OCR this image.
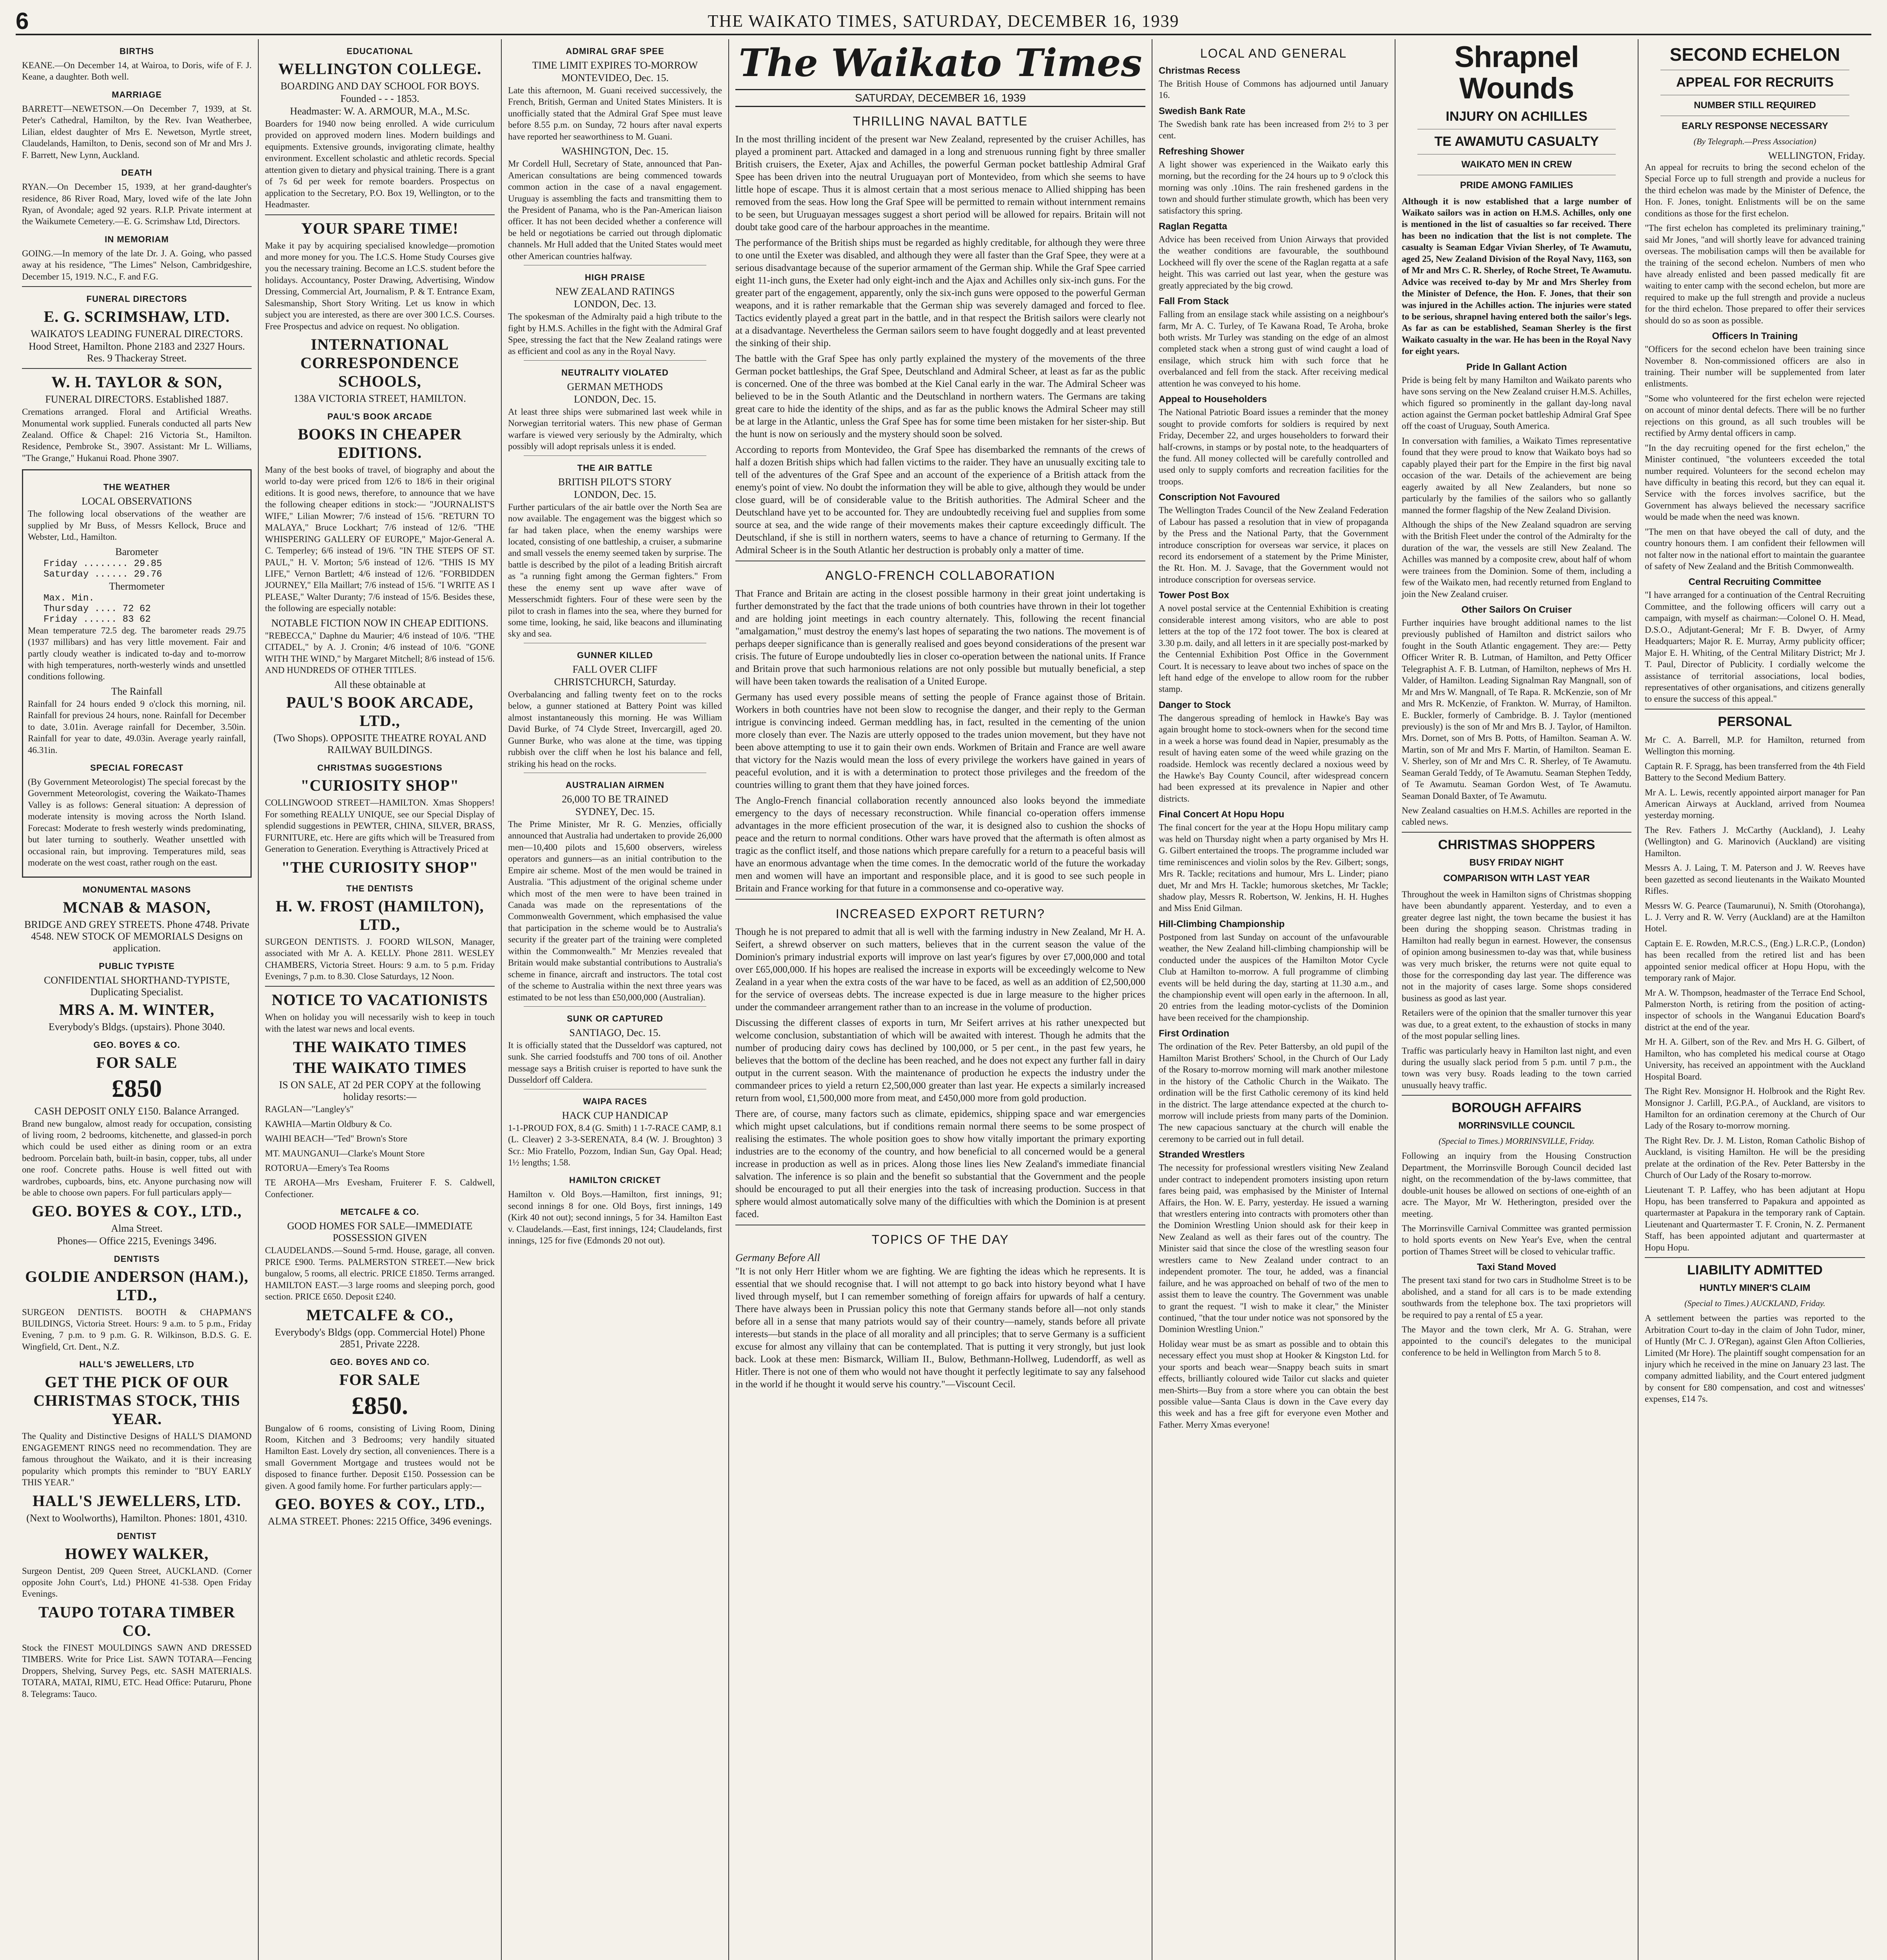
6	THE WAIKATO TIMES, SATURDAY, DECEMBER 16, 1939
BIRTHS

KEANE.—On December 14, at Wairoa, to Doris, wife of F. J. Keane, a daughter. Both well.

MARRIAGE

BARRETT—NEWETSON.—On December 7, 1939, at St. Peter's Cathedral, Hamilton, by the Rev. Ivan Weatherbee, Lilian, eldest daughter of Mrs E. Newetson, Myrtle street, Claudelands, Hamilton, to Denis, second son of Mr and Mrs J. F. Barrett, New Lynn, Auckland.

DEATH

RYAN.—On December 15, 1939, at her grand-daughter's residence, 86 River Road, Mary, loved wife of the late John Ryan, of Avondale; aged 92 years. R.I.P. Private interment at the Waikumete Cemetery.—E. G. Scrimshaw Ltd, Directors.

IN MEMORIAM

GOING.—In memory of the late Dr. J. A. Going, who passed away at his residence, "The Limes" Nelson, Cambridgeshire, December 15, 1919. N.C., F. and F.G.

FUNERAL DIRECTORS
E. G. SCRIMSHAW, LTD.
WAIKATO'S LEADING FUNERAL DIRECTORS.
Hood Street, Hamilton. Phone 2183 and 2327 Hours. Res. 9 Thackeray Street.
W. H. TAYLOR & SON,
FUNERAL DIRECTORS. Established 1887.

Cremations arranged. Floral and Artificial Wreaths. Monumental work supplied. Funerals conducted all parts New Zealand. Office & Chapel: 216 Victoria St., Hamilton. Residence, Pembroke St., 3907. Assistant: Mr L. Williams, "The Grange," Hukanui Road. Phone 3907.

THE WEATHER
LOCAL OBSERVATIONS

The following local observations of the weather are supplied by Mr Buss, of Messrs Kellock, Bruce and Webster, Ltd., Hamilton.

Barometer
Friday ........ 29.85
Saturday ...... 29.76
Thermometer
Max. Min.
Thursday .... 72 62
Friday ...... 83 62

Mean temperature 72.5 deg. The barometer reads 29.75 (1937 millibars) and has very little movement. Fair and partly cloudy weather is indicated to-day and to-morrow with high temperatures, north-westerly winds and unsettled conditions following.

The Rainfall

Rainfall for 24 hours ended 9 o'clock this morning, nil. Rainfall for previous 24 hours, none. Rainfall for December to date, 3.01in. Average rainfall for December, 3.50in. Rainfall for year to date, 49.03in. Average yearly rainfall, 46.31in.

SPECIAL FORECAST

(By Government Meteorologist) The special forecast by the Government Meteorologist, covering the Waikato-Thames Valley is as follows: General situation: A depression of moderate intensity is moving across the North Island. Forecast: Moderate to fresh westerly winds predominating, but later turning to southerly. Weather unsettled with occasional rain, but improving. Temperatures mild, seas moderate on the west coast, rather rough on the east.

MONUMENTAL MASONS
MCNAB & MASON,
BRIDGE AND GREY STREETS. Phone 4748. Private 4548. NEW STOCK OF MEMORIALS Designs on application.
PUBLIC TYPISTE
CONFIDENTIAL SHORTHAND-TYPISTE, Duplicating Specialist.
MRS A. M. WINTER,
Everybody's Bldgs. (upstairs). Phone 3040.
GEO. BOYES & CO.
FOR SALE
£850
CASH DEPOSIT ONLY £150. Balance Arranged.

Brand new bungalow, almost ready for occupation, consisting of living room, 2 bedrooms, kitchenette, and glassed-in porch which could be used either as dining room or an extra bedroom. Porcelain bath, built-in basin, copper, tubs, all under one roof. Concrete paths. House is well fitted out with wardrobes, cupboards, bins, etc. Anyone purchasing now will be able to choose own papers. For full particulars apply—

GEO. BOYES & COY., LTD.,
Alma Street.
Phones— Office 2215, Evenings 3496.
DENTISTS
GOLDIE ANDERSON (HAM.), LTD.,

SURGEON DENTISTS. BOOTH & CHAPMAN'S BUILDINGS, Victoria Street. Hours: 9 a.m. to 5 p.m., Friday Evening, 7 p.m. to 9 p.m. G. R. Wilkinson, B.D.S. G. E. Wingfield, Crt. Dent., N.Z.

HALL'S JEWELLERS, LTD
GET THE PICK OF OUR CHRISTMAS STOCK, THIS YEAR.

The Quality and Distinctive Designs of HALL'S DIAMOND ENGAGEMENT RINGS need no recommendation. They are famous throughout the Waikato, and it is their increasing popularity which prompts this reminder to "BUY EARLY THIS YEAR."

HALL'S JEWELLERS, LTD.
(Next to Woolworths), Hamilton. Phones: 1801, 4310.
DENTIST
HOWEY WALKER,

Surgeon Dentist, 209 Queen Street, AUCKLAND. (Corner opposite John Court's, Ltd.) PHONE 41-538. Open Friday Evenings.

TAUPO TOTARA TIMBER CO.

Stock the FINEST MOULDINGS SAWN AND DRESSED TIMBERS. Write for Price List. SAWN TOTARA—Fencing Droppers, Shelving, Survey Pegs, etc. SASH MATERIALS. TOTARA, MATAI, RIMU, ETC. Head Office: Putaruru, Phone 8. Telegrams: Tauco.

EDUCATIONAL
WELLINGTON COLLEGE.
BOARDING AND DAY SCHOOL FOR BOYS.
Founded - - - 1853.
Headmaster: W. A. ARMOUR, M.A., M.Sc.

Boarders for 1940 now being enrolled. A wide curriculum provided on approved modern lines. Modern buildings and equipments. Extensive grounds, invigorating climate, healthy environment. Excellent scholastic and athletic records. Special attention given to dietary and physical training. There is a grant of 7s 6d per week for remote boarders. Prospectus on application to the Secretary, P.O. Box 19, Wellington, or to the Headmaster.

YOUR SPARE TIME!

Make it pay by acquiring specialised knowledge—promotion and more money for you. The I.C.S. Home Study Courses give you the necessary training. Become an I.C.S. student before the holidays. Accountancy, Poster Drawing, Advertising, Window Dressing, Commercial Art, Journalism, P. & T. Entrance Exam, Salesmanship, Short Story Writing. Let us know in which subject you are interested, as there are over 300 I.C.S. Courses. Free Prospectus and advice on request. No obligation.

INTERNATIONAL CORRESPONDENCE SCHOOLS,
138A VICTORIA STREET, HAMILTON.
PAUL'S BOOK ARCADE
BOOKS IN CHEAPER EDITIONS.

Many of the best books of travel, of biography and about the world to-day were priced from 12/6 to 18/6 in their original editions. It is good news, therefore, to announce that we have the following cheaper editions in stock:— "JOURNALIST'S WIFE," Lilian Mowrer; 7/6 instead of 15/6. "RETURN TO MALAYA," Bruce Lockhart; 7/6 instead of 12/6. "THE WHISPERING GALLERY OF EUROPE," Major-General A. C. Temperley; 6/6 instead of 19/6. "IN THE STEPS OF ST. PAUL," H. V. Morton; 5/6 instead of 12/6. "THIS IS MY LIFE," Vernon Bartlett; 4/6 instead of 12/6. "FORBIDDEN JOURNEY," Ella Maillart; 7/6 instead of 15/6. "I WRITE AS I PLEASE," Walter Duranty; 7/6 instead of 15/6. Besides these, the following are especially notable:

NOTABLE FICTION NOW IN CHEAP EDITIONS.

"REBECCA," Daphne du Maurier; 4/6 instead of 10/6. "THE CITADEL," by A. J. Cronin; 4/6 instead of 10/6. "GONE WITH THE WIND," by Margaret Mitchell; 8/6 instead of 15/6. AND HUNDREDS OF OTHER TITLES.

All these obtainable at
PAUL'S BOOK ARCADE, LTD.,
(Two Shops). OPPOSITE THEATRE ROYAL AND RAILWAY BUILDINGS.
CHRISTMAS SUGGESTIONS
"CURIOSITY SHOP"

COLLINGWOOD STREET—HAMILTON. Xmas Shoppers! For something REALLY UNIQUE, see our Special Display of splendid suggestions in PEWTER, CHINA, SILVER, BRASS, FURNITURE, etc. Here are gifts which will be Treasured from Generation to Generation. Everything is Attractively Priced at

"THE CURIOSITY SHOP"
THE DENTISTS
H. W. FROST (HAMILTON), LTD.,

SURGEON DENTISTS. J. FOORD WILSON, Manager, associated with Mr A. A. KELLY. Phone 2811. WESLEY CHAMBERS, Victoria Street. Hours: 9 a.m. to 5 p.m. Friday Evenings, 7 p.m. to 8.30. Close Saturdays, 12 Noon.

NOTICE TO VACATIONISTS

When on holiday you will necessarily wish to keep in touch with the latest war news and local events.

THE WAIKATO TIMES
THE WAIKATO TIMES
IS ON SALE, AT 2d PER COPY at the following holiday resorts:—

RAGLAN—"Langley's"

KAWHIA—Martin Oldbury & Co.

WAIHI BEACH—"Ted" Brown's Store

MT. MAUNGANUI—Clarke's Mount Store

ROTORUA—Emery's Tea Rooms

TE AROHA—Mrs Evesham, Fruiterer F. S. Caldwell, Confectioner.

METCALFE & CO.
GOOD HOMES FOR SALE—IMMEDIATE POSSESSION GIVEN

CLAUDELANDS.—Sound 5-rmd. House, garage, all conven. PRICE £900. Terms. PALMERSTON STREET.—New brick bungalow, 5 rooms, all electric. PRICE £1850. Terms arranged. HAMILTON EAST.—3 large rooms and sleeping porch, good section. PRICE £650. Deposit £240.

METCALFE & CO.,
Everybody's Bldgs (opp. Commercial Hotel) Phone 2851, Private 2228.
GEO. BOYES AND CO.
FOR SALE
£850.

Bungalow of 6 rooms, consisting of Living Room, Dining Room, Kitchen and 3 Bedrooms; very handily situated Hamilton East. Lovely dry section, all conveniences. There is a small Government Mortgage and trustees would not be disposed to finance further. Deposit £150. Possession can be given. A good family home. For further particulars apply:—

GEO. BOYES & COY., LTD.,
ALMA STREET. Phones: 2215 Office, 3496 evenings.
ADMIRAL GRAF SPEE
TIME LIMIT EXPIRES TO-MORROW
MONTEVIDEO, Dec. 15.

Late this afternoon, M. Guani received successively, the French, British, German and United States Ministers. It is unofficially stated that the Admiral Graf Spee must leave before 8.55 p.m. on Sunday, 72 hours after naval experts have reported her seaworthiness to M. Guani.

WASHINGTON, Dec. 15.

Mr Cordell Hull, Secretary of State, announced that Pan-American consultations are being commenced towards common action in the case of a naval engagement. Uruguay is assembling the facts and transmitting them to the President of Panama, who is the Pan-American liaison officer. It has not been decided whether a conference will be held or negotiations be carried out through diplomatic channels. Mr Hull added that the United States would meet other American countries halfway.

HIGH PRAISE
NEW ZEALAND RATINGS
LONDON, Dec. 13.

The spokesman of the Admiralty paid a high tribute to the fight by H.M.S. Achilles in the fight with the Admiral Graf Spee, stressing the fact that the New Zealand ratings were as efficient and cool as any in the Royal Navy.

NEUTRALITY VIOLATED
GERMAN METHODS
LONDON, Dec. 15.

At least three ships were submarined last week while in Norwegian territorial waters. This new phase of German warfare is viewed very seriously by the Admiralty, which possibly will adopt reprisals unless it is ended.

THE AIR BATTLE
BRITISH PILOT'S STORY
LONDON, Dec. 15.

Further particulars of the air battle over the North Sea are now available. The engagement was the biggest which so far had taken place, when the enemy warships were located, consisting of one battleship, a cruiser, a submarine and small vessels the enemy seemed taken by surprise. The battle is described by the pilot of a leading British aircraft as "a running fight among the German fighters." From these the enemy sent up wave after wave of Messerschmidt fighters. Four of these were seen by the pilot to crash in flames into the sea, where they burned for some time, looking, he said, like beacons and illuminating sky and sea.

GUNNER KILLED
FALL OVER CLIFF
CHRISTCHURCH, Saturday.

Overbalancing and falling twenty feet on to the rocks below, a gunner stationed at Battery Point was killed almost instantaneously this morning. He was William David Burke, of 74 Clyde Street, Invercargill, aged 20. Gunner Burke, who was alone at the time, was tipping rubbish over the cliff when he lost his balance and fell, striking his head on the rocks.

AUSTRALIAN AIRMEN
26,000 TO BE TRAINED
SYDNEY, Dec. 15.

The Prime Minister, Mr R. G. Menzies, officially announced that Australia had undertaken to provide 26,000 men—10,400 pilots and 15,600 observers, wireless operators and gunners—as an initial contribution to the Empire air scheme. Most of the men would be trained in Australia. "This adjustment of the original scheme under which most of the men were to have been trained in Canada was made on the representations of the Commonwealth Government, which emphasised the value that participation in the scheme would be to Australia's security if the greater part of the training were completed within the Commonwealth." Mr Menzies revealed that Britain would make substantial contributions to Australia's scheme in finance, aircraft and instructors. The total cost of the scheme to Australia within the next three years was estimated to be not less than £50,000,000 (Australian).

SUNK OR CAPTURED
SANTIAGO, Dec. 15.

It is officially stated that the Dusseldorf was captured, not sunk. She carried foodstuffs and 700 tons of oil. Another message says a British cruiser is reported to have sunk the Dusseldorf off Caldera.

WAIPA RACES
HACK CUP HANDICAP

1-1-PROUD FOX, 8.4 (G. Smith) 1 1-7-RACE CAMP, 8.1 (L. Cleaver) 2 3-3-SERENATA, 8.4 (W. J. Broughton) 3 Scr.: Mio Fratello, Pozzom, Indian Sun, Gay Opal. Head; 1½ lengths; 1.58.

HAMILTON CRICKET

Hamilton v. Old Boys.—Hamilton, first innings, 91; second innings 8 for one. Old Boys, first innings, 149 (Kirk 40 not out); second innings, 5 for 34. Hamilton East v. Claudelands.—East, first innings, 124; Claudelands, first innings, 125 for five (Edmonds 20 not out).

The Waikato Times
SATURDAY, DECEMBER 16, 1939
THRILLING NAVAL BATTLE

In the most thrilling incident of the present war New Zealand, represented by the cruiser Achilles, has played a prominent part. Attacked and damaged in a long and strenuous running fight by three smaller British cruisers, the Exeter, Ajax and Achilles, the powerful German pocket battleship Admiral Graf Spee has been driven into the neutral Uruguayan port of Montevideo, from which she seems to have little hope of escape. Thus it is almost certain that a most serious menace to Allied shipping has been removed from the seas. How long the Graf Spee will be permitted to remain without internment remains to be seen, but Uruguayan messages suggest a short period will be allowed for repairs. Britain will not doubt take good care of the harbour approaches in the meantime.

The performance of the British ships must be regarded as highly creditable, for although they were three to one until the Exeter was disabled, and although they were all faster than the Graf Spee, they were at a serious disadvantage because of the superior armament of the German ship. While the Graf Spee carried eight 11-inch guns, the Exeter had only eight-inch and the Ajax and Achilles only six-inch guns. For the greater part of the engagement, apparently, only the six-inch guns were opposed to the powerful German weapons, and it is rather remarkable that the German ship was severely damaged and forced to flee. Tactics evidently played a great part in the battle, and in that respect the British sailors were clearly not at a disadvantage. Nevertheless the German sailors seem to have fought doggedly and at least prevented the sinking of their ship.

The battle with the Graf Spee has only partly explained the mystery of the movements of the three German pocket battleships, the Graf Spee, Deutschland and Admiral Scheer, at least as far as the public is concerned. One of the three was bombed at the Kiel Canal early in the war. The Admiral Scheer was believed to be in the South Atlantic and the Deutschland in northern waters. The Germans are taking great care to hide the identity of the ships, and as far as the public knows the Admiral Scheer may still be at large in the Atlantic, unless the Graf Spee has for some time been mistaken for her sister-ship. But the hunt is now on seriously and the mystery should soon be solved.

According to reports from Montevideo, the Graf Spee has disembarked the remnants of the crews of half a dozen British ships which had fallen victims to the raider. They have an unusually exciting tale to tell of the adventures of the Graf Spee and an account of the experience of a British attack from the enemy's point of view. No doubt the information they will be able to give, although they would be under close guard, will be of considerable value to the British authorities. The Admiral Scheer and the Deutschland have yet to be accounted for. They are undoubtedly receiving fuel and supplies from some source at sea, and the wide range of their movements makes their capture exceedingly difficult. The Deutschland, if she is still in northern waters, seems to have a chance of returning to Germany. If the Admiral Scheer is in the South Atlantic her destruction is probably only a matter of time.

ANGLO-FRENCH COLLABORATION

That France and Britain are acting in the closest possible harmony in their great joint undertaking is further demonstrated by the fact that the trade unions of both countries have thrown in their lot together and are holding joint meetings in each country alternately. This, following the recent financial "amalgamation," must destroy the enemy's last hopes of separating the two nations. The movement is of perhaps deeper significance than is generally realised and goes beyond considerations of the present war crisis. The future of Europe undoubtedly lies in closer co-operation between the national units. If France and Britain prove that such harmonious relations are not only possible but mutually beneficial, a step will have been taken towards the realisation of a United Europe.

Germany has used every possible means of setting the people of France against those of Britain. Workers in both countries have not been slow to recognise the danger, and their reply to the German intrigue is convincing indeed. German meddling has, in fact, resulted in the cementing of the union more closely than ever. The Nazis are utterly opposed to the trades union movement, but they have not been above attempting to use it to gain their own ends. Workmen of Britain and France are well aware that victory for the Nazis would mean the loss of every privilege the workers have gained in years of peaceful evolution, and it is with a determination to protect those privileges and the freedom of the countries willing to grant them that they have joined forces.

The Anglo-French financial collaboration recently announced also looks beyond the immediate emergency to the days of necessary reconstruction. While financial co-operation offers immense advantages in the more efficient prosecution of the war, it is designed also to cushion the shocks of peace and the return to normal conditions. Other wars have proved that the aftermath is often almost as tragic as the conflict itself, and those nations which prepare carefully for a return to a peaceful basis will have an enormous advantage when the time comes. In the democratic world of the future the workaday men and women will have an important and responsible place, and it is good to see such people in Britain and France working for that future in a commonsense and co-operative way.

INCREASED EXPORT RETURN?

Though he is not prepared to admit that all is well with the farming industry in New Zealand, Mr H. A. Seifert, a shrewd observer on such matters, believes that in the current season the value of the Dominion's primary industrial exports will improve on last year's figures by over £7,000,000 and total over £65,000,000. If his hopes are realised the increase in exports will be exceedingly welcome to New Zealand in a year when the extra costs of the war have to be faced, as well as an addition of £2,500,000 for the service of overseas debts. The increase expected is due in large measure to the higher prices under the commandeer arrangement rather than to an increase in the volume of production.

Discussing the different classes of exports in turn, Mr Seifert arrives at his rather unexpected but welcome conclusion, substantiation of which will be awaited with interest. Though he admits that the number of producing dairy cows has declined by 100,000, or 5 per cent., in the past few years, he believes that the bottom of the decline has been reached, and he does not expect any further fall in dairy output in the current season. With the maintenance of production he expects the industry under the commandeer prices to yield a return £2,500,000 greater than last year. He expects a similarly increased return from wool, £1,500,000 more from meat, and £450,000 more from gold production.

There are, of course, many factors such as climate, epidemics, shipping space and war emergencies which might upset calculations, but if conditions remain normal there seems to be some prospect of realising the estimates. The whole position goes to show how vitally important the primary exporting industries are to the economy of the country, and how beneficial to all concerned would be a general increase in production as well as in prices. Along those lines lies New Zealand's immediate financial salvation. The inference is so plain and the benefit so substantial that the Government and the people should be encouraged to put all their energies into the task of increasing production. Success in that sphere would almost automatically solve many of the difficulties with which the Dominion is at present faced.

TOPICS OF THE DAY
Germany Before All

"It is not only Herr Hitler whom we are fighting. We are fighting the ideas which he represents. It is essential that we should recognise that. I will not attempt to go back into history beyond what I have lived through myself, but I can remember something of foreign affairs for upwards of half a century. There have always been in Prussian policy this note that Germany stands before all—not only stands before all in a sense that many patriots would say of their country—namely, stands before all private interests—but stands in the place of all morality and all principles; that to serve Germany is a sufficient excuse for almost any villainy that can be contemplated. That is putting it very strongly, but just look back. Look at these men: Bismarck, William II., Bulow, Bethmann-Hollweg, Ludendorff, as well as Hitler. There is not one of them who would not have thought it perfectly legitimate to say any falsehood in the world if he thought it would serve his country."—Viscount Cecil.

LOCAL AND GENERAL
Christmas Recess

The British House of Commons has adjourned until January 16.

Swedish Bank Rate

The Swedish bank rate has been increased from 2½ to 3 per cent.

Refreshing Shower

A light shower was experienced in the Waikato early this morning, but the recording for the 24 hours up to 9 o'clock this morning was only .10ins. The rain freshened gardens in the town and should further stimulate growth, which has been very satisfactory this spring.

Raglan Regatta

Advice has been received from Union Airways that provided the weather conditions are favourable, the southbound Lockheed will fly over the scene of the Raglan regatta at a safe height. This was carried out last year, when the gesture was greatly appreciated by the big crowd.

Fall From Stack

Falling from an ensilage stack while assisting on a neighbour's farm, Mr A. C. Turley, of Te Kawana Road, Te Aroha, broke both wrists. Mr Turley was standing on the edge of an almost completed stack when a strong gust of wind caught a load of ensilage, which struck him with such force that he overbalanced and fell from the stack. After receiving medical attention he was conveyed to his home.

Appeal to Householders

The National Patriotic Board issues a reminder that the money sought to provide comforts for soldiers is required by next Friday, December 22, and urges householders to forward their half-crowns, in stamps or by postal note, to the headquarters of the fund. All money collected will be carefully controlled and used only to supply comforts and recreation facilities for the troops.

Conscription Not Favoured

The Wellington Trades Council of the New Zealand Federation of Labour has passed a resolution that in view of propaganda by the Press and the National Party, that the Government introduce conscription for overseas war service, it places on record its endorsement of a statement by the Prime Minister, the Rt. Hon. M. J. Savage, that the Government would not introduce conscription for overseas service.

Tower Post Box

A novel postal service at the Centennial Exhibition is creating considerable interest among visitors, who are able to post letters at the top of the 172 foot tower. The box is cleared at 3.30 p.m. daily, and all letters in it are specially post-marked by the Centennial Exhibition Post Office in the Government Court. It is necessary to leave about two inches of space on the left hand edge of the envelope to allow room for the rubber stamp.

Danger to Stock

The dangerous spreading of hemlock in Hawke's Bay was again brought home to stock-owners when for the second time in a week a horse was found dead in Napier, presumably as the result of having eaten some of the weed while grazing on the roadside. Hemlock was recently declared a noxious weed by the Hawke's Bay County Council, after widespread concern had been expressed at its prevalence in Napier and other districts.

Final Concert At Hopu Hopu

The final concert for the year at the Hopu Hopu military camp was held on Thursday night when a party organised by Mrs H. G. Gilbert entertained the troops. The programme included war time reminiscences and violin solos by the Rev. Gilbert; songs, Mrs R. Tackle; recitations and humour, Mrs L. Linder; piano duet, Mr and Mrs H. Tackle; humorous sketches, Mr Tackle; shadow play, Messrs R. Robertson, W. Jenkins, H. H. Hughes and Miss Enid Gilman.

Hill-Climbing Championship

Postponed from last Sunday on account of the unfavourable weather, the New Zealand hill-climbing championship will be conducted under the auspices of the Hamilton Motor Cycle Club at Hamilton to-morrow. A full programme of climbing events will be held during the day, starting at 11.30 a.m., and the championship event will open early in the afternoon. In all, 20 entries from the leading motor-cyclists of the Dominion have been received for the championship.

First Ordination

The ordination of the Rev. Peter Battersby, an old pupil of the Hamilton Marist Brothers' School, in the Church of Our Lady of the Rosary to-morrow morning will mark another milestone in the history of the Catholic Church in the Waikato. The ordination will be the first Catholic ceremony of its kind held in the district. The large attendance expected at the church to-morrow will include priests from many parts of the Dominion. The new capacious sanctuary at the church will enable the ceremony to be carried out in full detail.

Stranded Wrestlers

The necessity for professional wrestlers visiting New Zealand under contract to independent promoters insisting upon return fares being paid, was emphasised by the Minister of Internal Affairs, the Hon. W. E. Parry, yesterday. He issued a warning that wrestlers entering into contracts with promoters other than the Dominion Wrestling Union should ask for their keep in New Zealand as well as their fares out of the country. The Minister said that since the close of the wrestling season four wrestlers came to New Zealand under contract to an independent promoter. The tour, he added, was a financial failure, and he was approached on behalf of two of the men to assist them to leave the country. The Government was unable to grant the request. "I wish to make it clear," the Minister continued, "that the tour under notice was not sponsored by the Dominion Wrestling Union."

Holiday wear must be as smart as possible and to obtain this necessary effect you must shop at Hooker & Kingston Ltd. for your sports and beach wear—Snappy beach suits in smart effects, brilliantly coloured wide Tailor cut slacks and quieter men-Shirts—Buy from a store where you can obtain the best possible value—Santa Claus is down in the Cave every day this week and has a free gift for everyone even Mother and Father. Merry Xmas everyone!

Shrapnel Wounds
INJURY ON ACHILLES
TE AWAMUTU CASUALTY
WAIKATO MEN IN CREW
PRIDE AMONG FAMILIES

Although it is now established that a large number of Waikato sailors was in action on H.M.S. Achilles, only one is mentioned in the list of casualties so far received. There has been no indication that the list is not complete. The casualty is Seaman Edgar Vivian Sherley, of Te Awamutu, aged 25, New Zealand Division of the Royal Navy, 1163, son of Mr and Mrs C. R. Sherley, of Roche Street, Te Awamutu. Advice was received to-day by Mr and Mrs Sherley from the Minister of Defence, the Hon. F. Jones, that their son was injured in the Achilles action. The injuries were stated to be serious, shrapnel having entered both the sailor's legs. As far as can be established, Seaman Sherley is the first Waikato casualty in the war. He has been in the Royal Navy for eight years.

Pride In Gallant Action

Pride is being felt by many Hamilton and Waikato parents who have sons serving on the New Zealand cruiser H.M.S. Achilles, which figured so prominently in the gallant day-long naval action against the German pocket battleship Admiral Graf Spee off the coast of Uruguay, South America.

In conversation with families, a Waikato Times representative found that they were proud to know that Waikato boys had so capably played their part for the Empire in the first big naval occasion of the war. Details of the achievement are being eagerly awaited by all New Zealanders, but none so particularly by the families of the sailors who so gallantly manned the former flagship of the New Zealand Division.

Although the ships of the New Zealand squadron are serving with the British Fleet under the control of the Admiralty for the duration of the war, the vessels are still New Zealand. The Achilles was manned by a composite crew, about half of whom were trainees from the Dominion. Some of them, including a few of the Waikato men, had recently returned from England to join the New Zealand cruiser.

Other Sailors On Cruiser

Further inquiries have brought additional names to the list previously published of Hamilton and district sailors who fought in the South Atlantic engagement. They are:— Petty Officer Writer R. B. Lutman, of Hamilton, and Petty Officer Telegraphist A. F. B. Lutman, of Hamilton, nephews of Mrs H. Valder, of Hamilton. Leading Signalman Ray Mangnall, son of Mr and Mrs W. Mangnall, of Te Rapa. R. McKenzie, son of Mr and Mrs R. McKenzie, of Frankton. W. Murray, of Hamilton. E. Buckler, formerly of Cambridge. B. J. Taylor (mentioned previously) is the son of Mr and Mrs B. J. Taylor, of Hamilton. Mrs. Dornet, son of Mrs B. Potts, of Hamilton. Seaman A. W. Martin, son of Mr and Mrs F. Martin, of Hamilton. Seaman E. V. Sherley, son of Mr and Mrs C. R. Sherley, of Te Awamutu. Seaman Gerald Teddy, of Te Awamutu. Seaman Stephen Teddy, of Te Awamutu. Seaman Gordon West, of Te Awamutu. Seaman Donald Baxter, of Te Awamutu.

New Zealand casualties on H.M.S. Achilles are reported in the cabled news.

CHRISTMAS SHOPPERS
BUSY FRIDAY NIGHT
COMPARISON WITH LAST YEAR

Throughout the week in Hamilton signs of Christmas shopping have been abundantly apparent. Yesterday, and to even a greater degree last night, the town became the busiest it has been during the shopping season. Christmas trading in Hamilton had really begun in earnest. However, the consensus of opinion among businessmen to-day was that, while business was very much brisker, the returns were not quite equal to those for the corresponding day last year. The difference was not in the majority of cases large. Some shops considered business as good as last year.

Retailers were of the opinion that the smaller turnover this year was due, to a great extent, to the exhaustion of stocks in many of the most popular selling lines.

Traffic was particularly heavy in Hamilton last night, and even during the usually slack period from 5 p.m. until 7 p.m., the town was very busy. Roads leading to the town carried unusually heavy traffic.

BOROUGH AFFAIRS
MORRINSVILLE COUNCIL
(Special to Times.) MORRINSVILLE, Friday.

Following an inquiry from the Housing Construction Department, the Morrinsville Borough Council decided last night, on the recommendation of the by-laws committee, that double-unit houses be allowed on sections of one-eighth of an acre. The Mayor, Mr W. Hetherington, presided over the meeting.

The Morrinsville Carnival Committee was granted permission to hold sports events on New Year's Eve, when the central portion of Thames Street will be closed to vehicular traffic.

Taxi Stand Moved

The present taxi stand for two cars in Studholme Street is to be abolished, and a stand for all cars is to be made extending southwards from the telephone box. The taxi proprietors will be required to pay a rental of £5 a year.

The Mayor and the town clerk, Mr A. G. Strahan, were appointed to the council's delegates to the municipal conference to be held in Wellington from March 5 to 8.

SECOND ECHELON
APPEAL FOR RECRUITS
NUMBER STILL REQUIRED
EARLY RESPONSE NECESSARY
(By Telegraph.—Press Association)
WELLINGTON, Friday.

An appeal for recruits to bring the second echelon of the Special Force up to full strength and provide a nucleus for the third echelon was made by the Minister of Defence, the Hon. F. Jones, tonight. Enlistments will be on the same conditions as those for the first echelon.

"The first echelon has completed its preliminary training," said Mr Jones, "and will shortly leave for advanced training overseas. The mobilisation camps will then be available for the training of the second echelon. Numbers of men who have already enlisted and been passed medically fit are waiting to enter camp with the second echelon, but more are required to make up the full strength and provide a nucleus for the third echelon. Those prepared to offer their services should do so as soon as possible.

Officers In Training

"Officers for the second echelon have been training since November 8. Non-commissioned officers are also in training. Their number will be supplemented from later enlistments.

"Some who volunteered for the first echelon were rejected on account of minor dental defects. There will be no further rejections on this ground, as all such troubles will be rectified by Army dental officers in camp.

"In the day recruiting opened for the first echelon," the Minister continued, "the volunteers exceeded the total number required. Volunteers for the second echelon may have difficulty in beating this record, but they can equal it. Service with the forces involves sacrifice, but the Government has always believed the necessary sacrifice would be made when the need was known.

"The men on that have obeyed the call of duty, and the country honours them. I am confident their fellowmen will not falter now in the national effort to maintain the guarantee of safety of New Zealand and the British Commonwealth.

Central Recruiting Committee

"I have arranged for a continuation of the Central Recruiting Committee, and the following officers will carry out a campaign, with myself as chairman:—Colonel O. H. Mead, D.S.O., Adjutant-General; Mr F. B. Dwyer, of Army Headquarters; Major R. E. Murray, Army publicity officer; Major E. H. Whiting, of the Central Military District; Mr J. T. Paul, Director of Publicity. I cordially welcome the assistance of territorial associations, local bodies, representatives of other organisations, and citizens generally to ensure the success of this appeal."

PERSONAL

Mr C. A. Barrell, M.P. for Hamilton, returned from Wellington this morning.

Captain R. F. Spragg, has been transferred from the 4th Field Battery to the Second Medium Battery.

Mr A. L. Lewis, recently appointed airport manager for Pan American Airways at Auckland, arrived from Noumea yesterday morning.

The Rev. Fathers J. McCarthy (Auckland), J. Leahy (Wellington) and G. Marinovich (Auckland) are visiting Hamilton.

Messrs A. J. Laing, T. M. Paterson and J. W. Reeves have been gazetted as second lieutenants in the Waikato Mounted Rifles.

Messrs W. G. Pearce (Taumarunui), N. Smith (Otorohanga), L. J. Verry and R. W. Verry (Auckland) are at the Hamilton Hotel.

Captain E. E. Rowden, M.R.C.S., (Eng.) L.R.C.P., (London) has been recalled from the retired list and has been appointed senior medical officer at Hopu Hopu, with the temporary rank of Major.

Mr A. W. Thompson, headmaster of the Terrace End School, Palmerston North, is retiring from the position of acting-inspector of schools in the Wanganui Education Board's district at the end of the year.

Mr H. A. Gilbert, son of the Rev. and Mrs H. G. Gilbert, of Hamilton, who has completed his medical course at Otago University, has received an appointment with the Auckland Hospital Board.

The Right Rev. Monsignor H. Holbrook and the Right Rev. Monsignor J. Carlill, P.G.P.A., of Auckland, are visitors to Hamilton for an ordination ceremony at the Church of Our Lady of the Rosary to-morrow morning.

The Right Rev. Dr. J. M. Liston, Roman Catholic Bishop of Auckland, is visiting Hamilton. He will be the presiding prelate at the ordination of the Rev. Peter Battersby in the Church of Our Lady of the Rosary to-morrow.

Lieutenant T. P. Laffey, who has been adjutant at Hopu Hopu, has been transferred to Papakura and appointed as quartermaster at Papakura in the temporary rank of Captain. Lieutenant and Quartermaster T. F. Cronin, N. Z. Permanent Staff, has been appointed adjutant and quartermaster at Hopu Hopu.

LIABILITY ADMITTED
HUNTLY MINER'S CLAIM
(Special to Times.) AUCKLAND, Friday.

A settlement between the parties was reported to the Arbitration Court to-day in the claim of John Tudor, miner, of Huntly (Mr C. J. O'Regan), against Glen Afton Collieries, Limited (Mr Hore). The plaintiff sought compensation for an injury which he received in the mine on January 23 last. The company admitted liability, and the Court entered judgment by consent for £80 compensation, and cost and witnesses' expenses, £14 7s.
